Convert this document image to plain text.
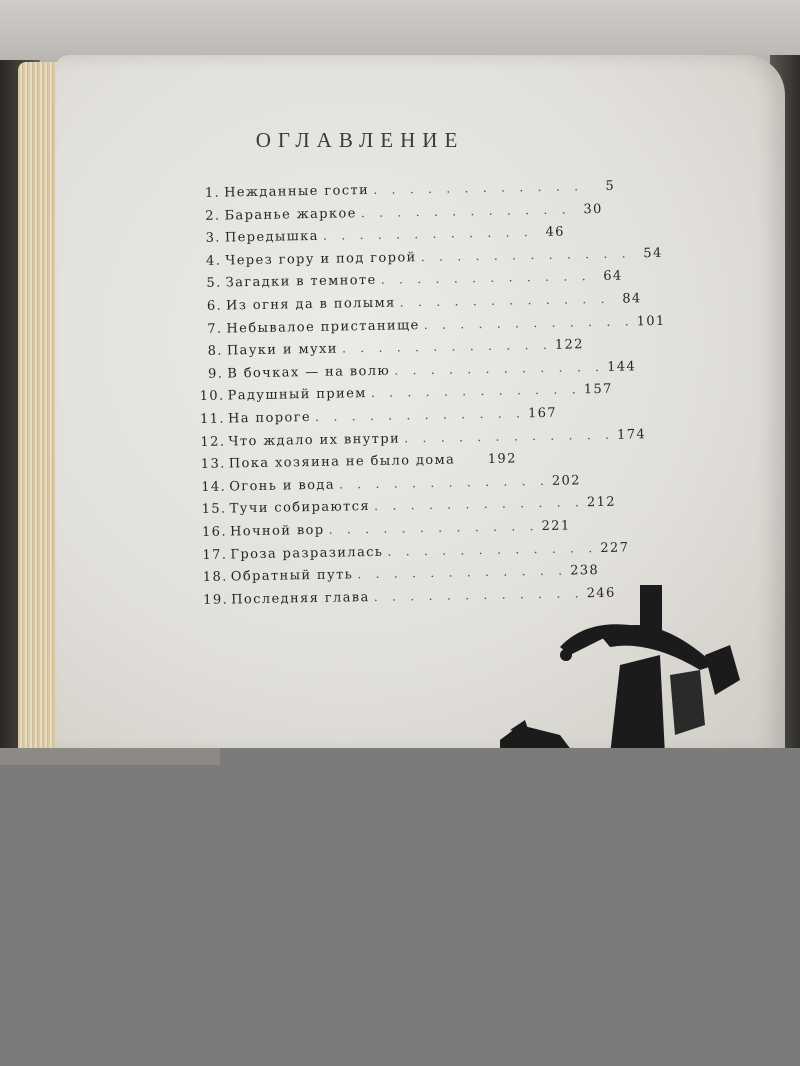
ОГЛАВЛЕНИЕ
1. Нежданные гости . . . . . . . . . . . .	5
2. Баранье жаркое . . . . . . . . . . . . 30
3. Передышка . . . . . . . . . . . . 46
4. Через гору и под горой . . . . . . . . . . . . 54
5. Загадки в темноте . . . . . . . . . . . . 64
6. Из огня да в полымя . . . . . . . . . . . . 84
7. Небывалое пристанище . . . . . . . . . . . . 101
8. Пауки и мухи . . . . . . . . . . . . 122
9. В бочках — на волю . . . . . . . . . . . . 144
10. Радушный прием . . . . . . . . . . . . 157
11. На пороге . . . . . . . . . . . . 167
12. Что ждало их внутри . . . . . . . . . . . . 174
13. Пока хозяина не было дома 192
14. Огонь и вода . . . . . . . . . . . . 202
15. Тучи собираются . . . . . . . . . . . . 212
16. Ночной вор . . . . . . . . . . . . 221
17. Гроза разразилась . . . . . . . . . . . . 227
18. Обратный путь . . . . . . . . . . . . 238
19. Последняя глава . . . . . . . . . . . . 246
